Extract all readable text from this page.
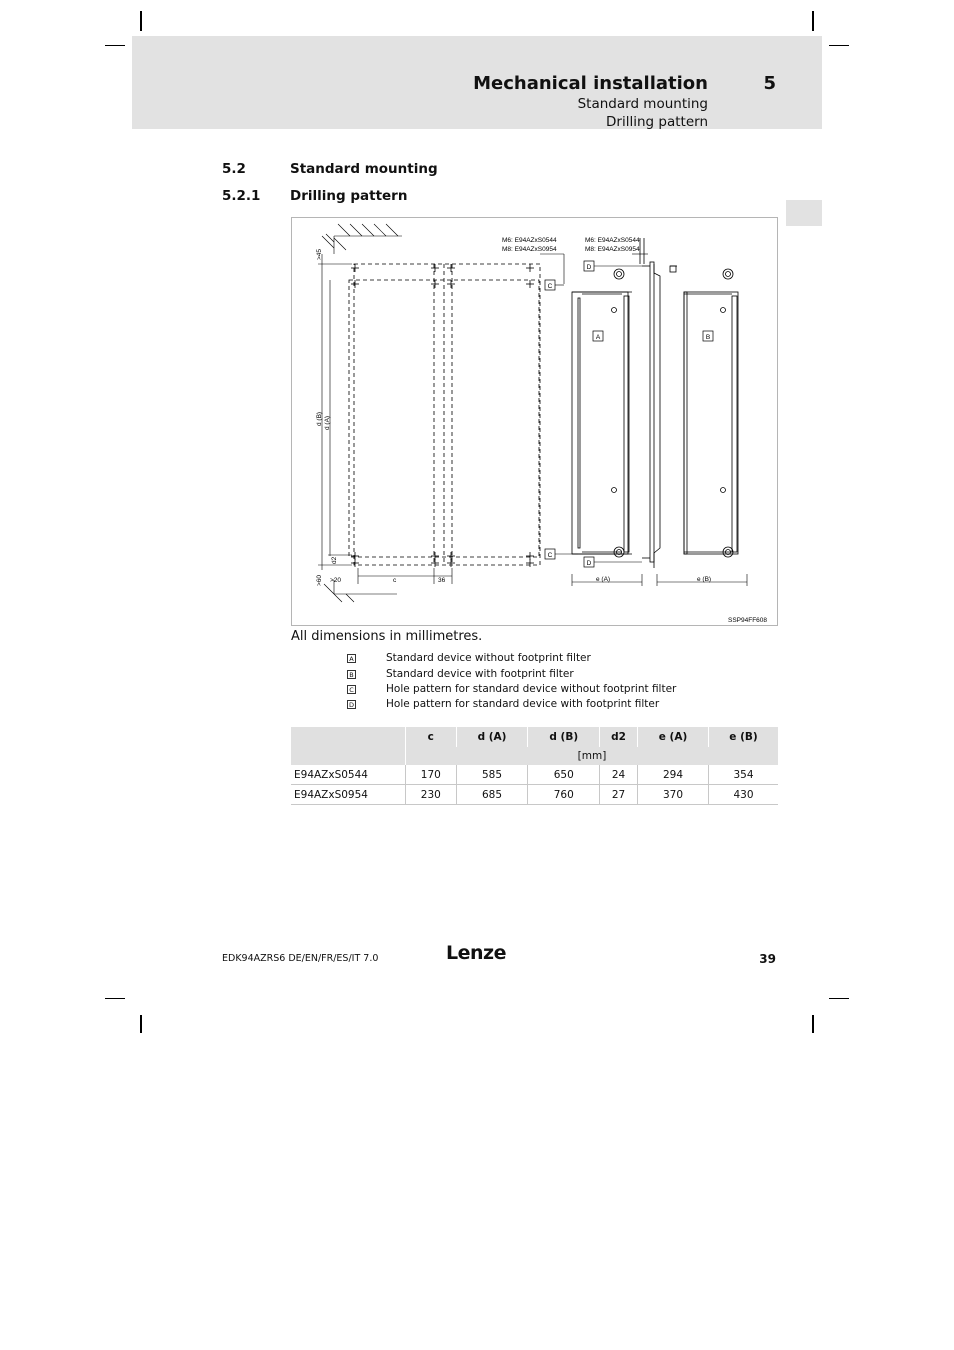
Mechanical installation	5
Standard mounting
Drilling pattern
5.2	Standard mounting
5.2.1 Drilling pattern
M6: E94AZxS0544
M8: E94AZxS0954
M6: E94AZxS0544
M8: E94AZxS0954
>45
>60
d (B) d (A)
d2
>20	c	36	e (A)	e (B)
SSP94FF608
A	B
C
C
D
D
All dimensions in millimetres.
A	Standard device without footprint filter
B	Standard device with footprint filter
C	Hole pattern for standard device without footprint filter
D	Hole pattern for standard device with footprint filter
	c	d (A)	d (B)	d2	e (A)	e (B)
	[mm]					
E94AZxS0544	170	585	650	24	294	354
E94AZxS0954	230	685	760	27	370	430
EDK94AZRS6 DE/EN/FR/ES/IT 7.0	Lenze	39
